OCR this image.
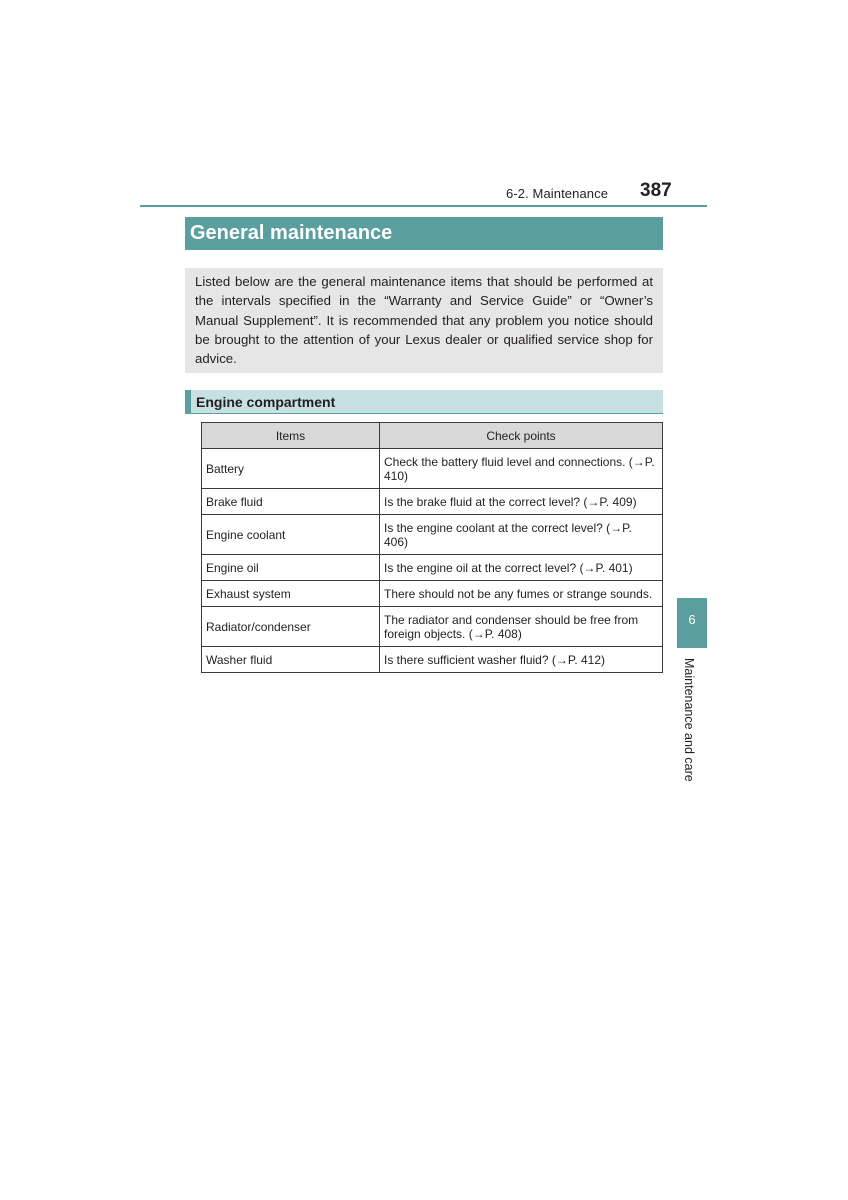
6-2. Maintenance 387
General maintenance

Listed below are the general maintenance items that should be performed at the intervals specified in the “Warranty and Service Guide” or “Owner’s Manual Supplement”. It is recommended that any problem you notice should be brought to the attention of your Lexus dealer or qualified service shop for advice.

Engine compartment
Items	Check points
Battery	Check the battery fluid level and connections. (→P. 410)
Brake fluid	Is the brake fluid at the correct level? (→P. 409)
Engine coolant	Is the engine coolant at the correct level? (→P. 406)
Engine oil	Is the engine oil at the correct level? (→P. 401)
Exhaust system	There should not be any fumes or strange sounds.
Radiator/condenser	The radiator and condenser should be free from foreign objects. (→P. 408)
Washer fluid	Is there sufficient washer fluid? (→P. 412)
6
Maintenance and care
